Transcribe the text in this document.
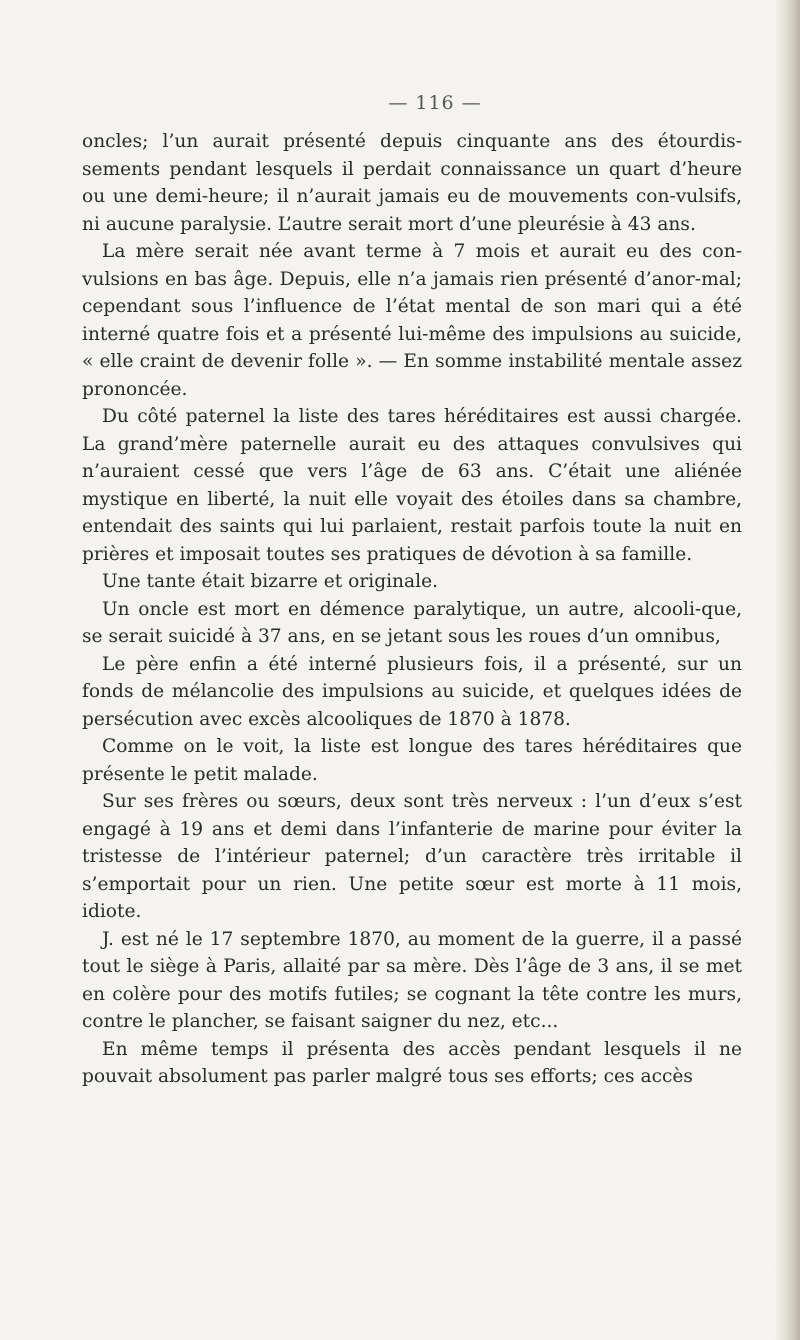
— 116 —

oncles; l’un aurait présenté depuis cinquante ans des étourdis-sements pendant lesquels il perdait connaissance un quart d’heure ou une demi-heure; il n’aurait jamais eu de mouvements con-vulsifs, ni aucune paralysie. L’autre serait mort d’une pleurésie à 43 ans.

La mère serait née avant terme à 7 mois et aurait eu des con-vulsions en bas âge. Depuis, elle n’a jamais rien présenté d’anor-mal; cependant sous l’influence de l’état mental de son mari qui a été interné quatre fois et a présenté lui-même des impulsions au suicide, « elle craint de devenir folle ». — En somme instabilité mentale assez prononcée.

Du côté paternel la liste des tares héréditaires est aussi chargée. La grand’mère paternelle aurait eu des attaques convulsives qui n’auraient cessé que vers l’âge de 63 ans. C’était une aliénée mystique en liberté, la nuit elle voyait des étoiles dans sa chambre, entendait des saints qui lui parlaient, restait parfois toute la nuit en prières et imposait toutes ses pratiques de dévotion à sa famille.

Une tante était bizarre et originale.

Un oncle est mort en démence paralytique, un autre, alcooli-que, se serait suicidé à 37 ans, en se jetant sous les roues d’un omnibus,

Le père enfin a été interné plusieurs fois, il a présenté, sur un fonds de mélancolie des impulsions au suicide, et quelques idées de persécution avec excès alcooliques de 1870 à 1878.

Comme on le voit, la liste est longue des tares héréditaires que présente le petit malade.

Sur ses frères ou sœurs, deux sont très nerveux : l’un d’eux s’est engagé à 19 ans et demi dans l’infanterie de marine pour éviter la tristesse de l’intérieur paternel; d’un caractère très irritable il s’emportait pour un rien. Une petite sœur est morte à 11 mois, idiote.

J. est né le 17 septembre 1870, au moment de la guerre, il a passé tout le siège à Paris, allaité par sa mère. Dès l’âge de 3 ans, il se met en colère pour des motifs futiles; se cognant la tête contre les murs, contre le plancher, se faisant saigner du nez, etc...

En même temps il présenta des accès pendant lesquels il ne pouvait absolument pas parler malgré tous ses efforts; ces accès
